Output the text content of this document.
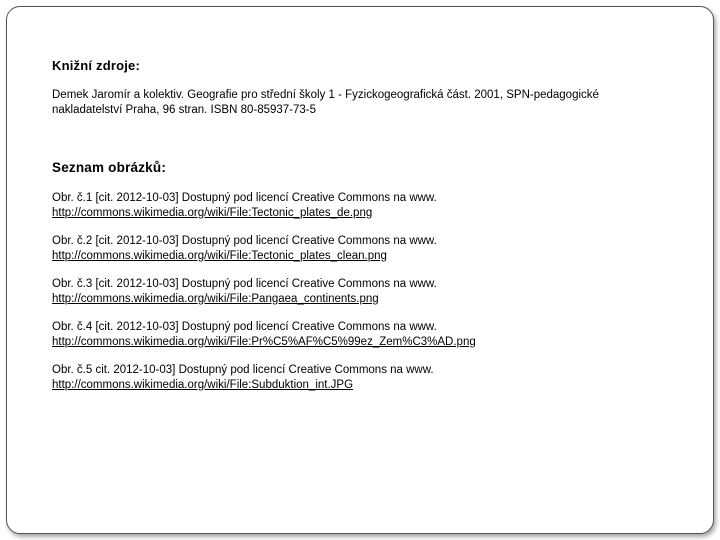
Knižní zdroje:

Demek Jaromír a kolektiv. Geografie pro střední školy 1 - Fyzickogeografická část. 2001, SPN-pedagogické
nakladatelství Praha, 96 stran. ISBN 80-85937-73-5

Seznam obrázků:

Obr. č.1 [cit. 2012-10-03] Dostupný pod licencí Creative Commons na www.
http://commons.wikimedia.org/wiki/File:Tectonic_plates_de.png
Obr. č.2 [cit. 2012-10-03] Dostupný pod licencí Creative Commons na www.
http://commons.wikimedia.org/wiki/File:Tectonic_plates_clean.png
Obr. č.3 [cit. 2012-10-03] Dostupný pod licencí Creative Commons na www.
http://commons.wikimedia.org/wiki/File:Pangaea_continents.png
Obr. č.4 [cit. 2012-10-03] Dostupný pod licencí Creative Commons na www.
http://commons.wikimedia.org/wiki/File:Pr%C5%AF%C5%99ez_Zem%C3%AD.png
Obr. č.5 cit. 2012-10-03] Dostupný pod licencí Creative Commons na www.
http://commons.wikimedia.org/wiki/File:Subduktion_int.JPG
